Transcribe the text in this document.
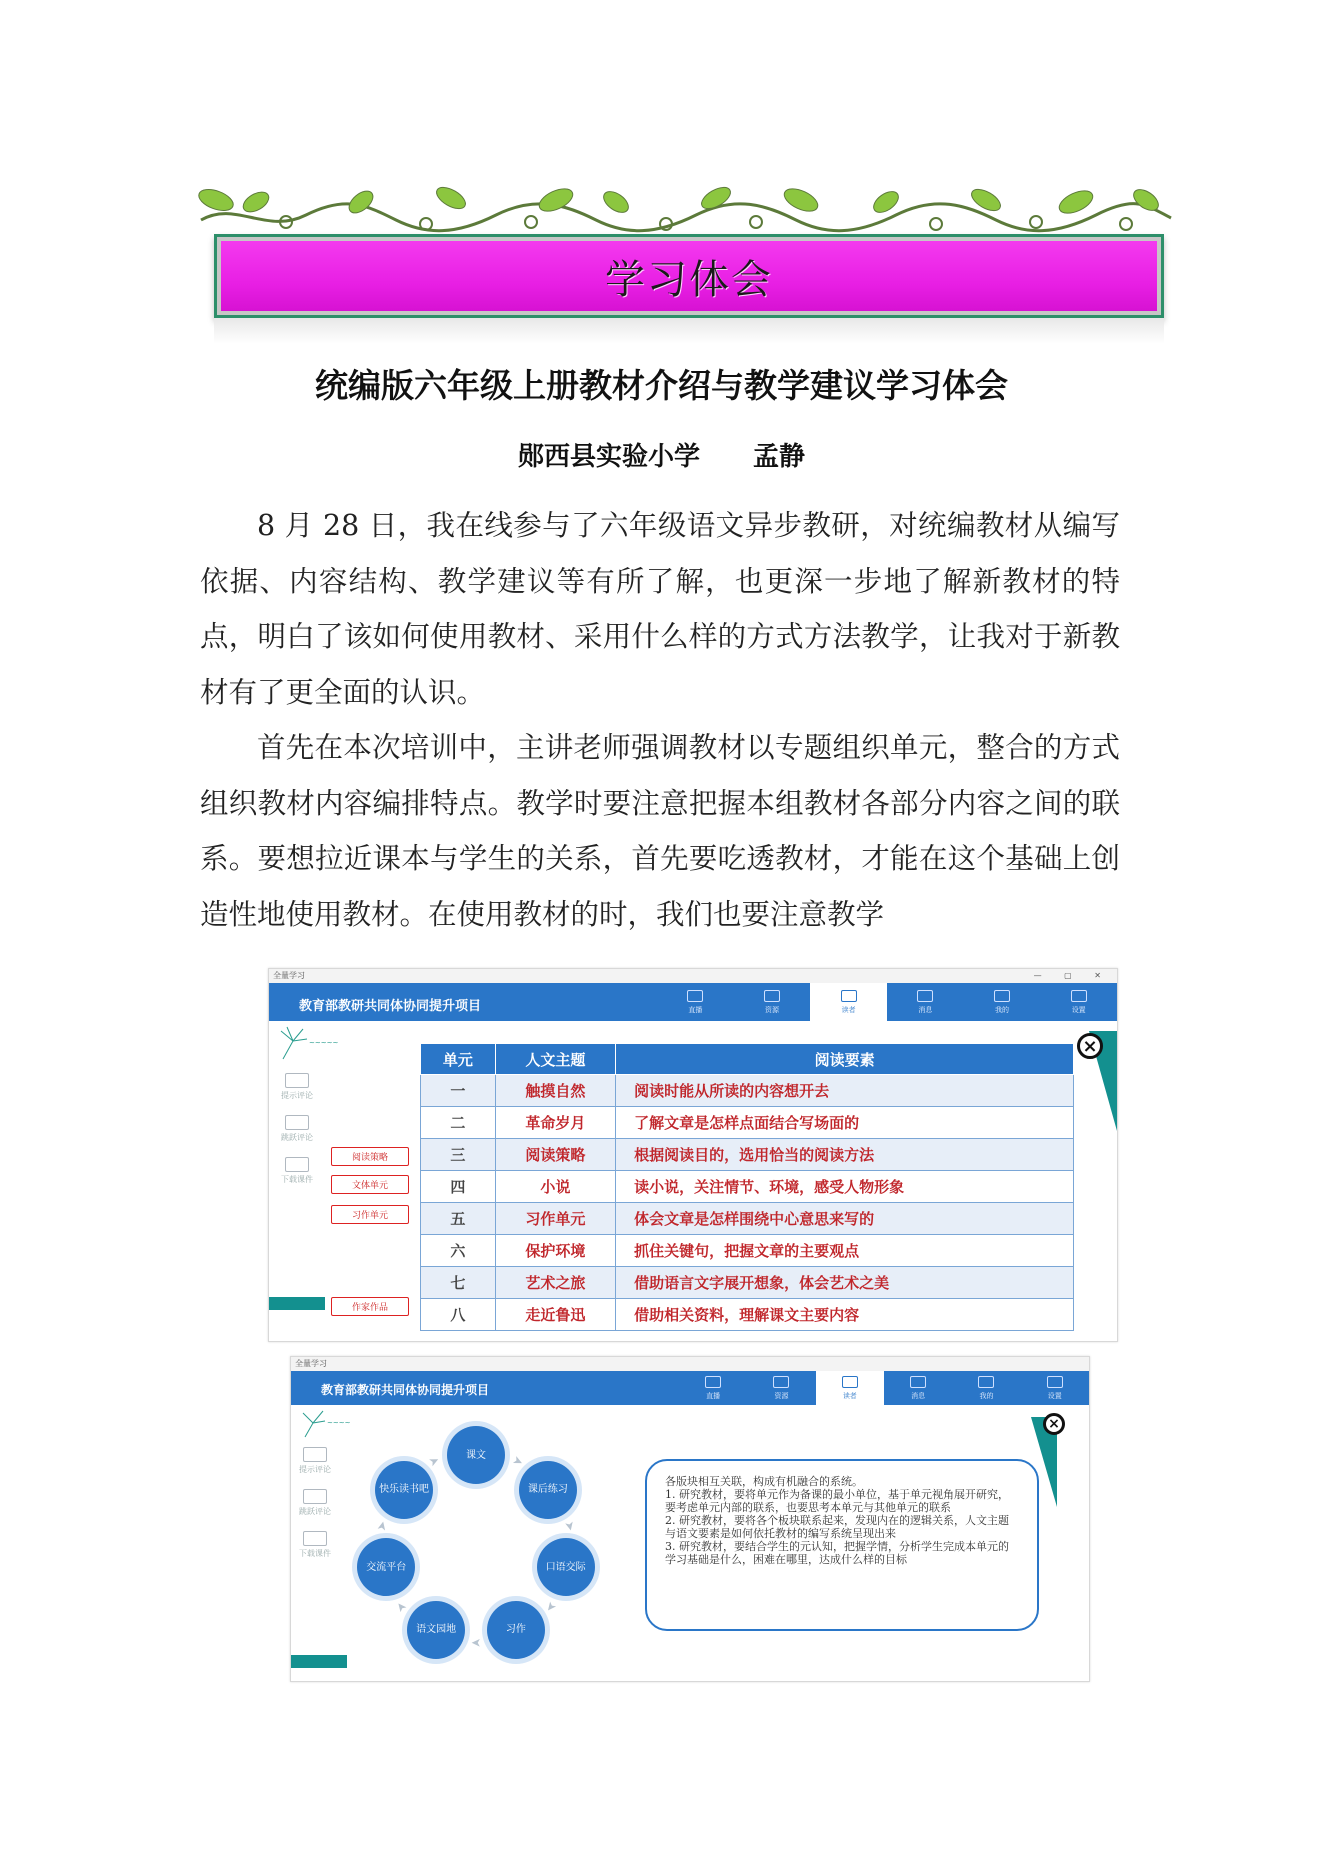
学习体会
统编版六年级上册教材介绍与教学建议学习体会
郧西县实验小学 孟静

8 月 28 日，我在线参与了六年级语文异步教研，对统编教材从编写依据、内容结构、教学建议等有所了解，也更深一步地了解新教材的特点，明白了该如何使用教材、采用什么样的方式方法教学，让我对于新教材有了更全面的认识。

首先在本次培训中，主讲老师强调教材以专题组织单元，整合的方式组织教材内容编排特点。教学时要注意把握本组教材各部分内容之间的联系。要想拉近课本与学生的关系，首先要吃透教材，才能在这个基础上创造性地使用教材。在使用教材的时，我们也要注意教学

全量学习	— ▢ ✕
教育部教研共同体协同提升项目	直播	资源	读者	消息	我的	设置
~~~~~
提示评论
跳跃评论
下载课件
阅读策略
文体单元
习作单元
作家作品
单元	人文主题	阅读要素
一	触摸自然	阅读时能从所读的内容想开去
二	革命岁月	了解文章是怎样点面结合写场面的
三	阅读策略	根据阅读目的，选用恰当的阅读方法
四	小说	读小说，关注情节、环境，感受人物形象
五	习作单元	体会文章是怎样围绕中心意思来写的
六	保护环境	抓住关键句，把握文章的主要观点
七	艺术之旅	借助语言文字展开想象，体会艺术之美
八	走近鲁迅	借助相关资料，理解课文主要内容
×
全量学习
教育部教研共同体协同提升项目	直播	资源	读者	消息	我的	设置
~~~~
提示评论
跳跃评论
下载课件
课文	➤
课后练习
➤
口语交际
➤
习作
➤
语文园地
➤
交流平台
➤
快乐读书吧
➤

各版块相互关联，构成有机融合的系统。

1. 研究教材，要将单元作为备课的最小单位，基于单元视角展开研究，要考虑单元内部的联系，也要思考本单元与其他单元的联系

2. 研究教材，要将各个板块联系起来，发现内在的逻辑关系，人文主题与语文要素是如何依托教材的编写系统呈现出来

3. 研究教材，要结合学生的元认知，把握学情，分析学生完成本单元的学习基础是什么，困难在哪里，达成什么样的目标

×
